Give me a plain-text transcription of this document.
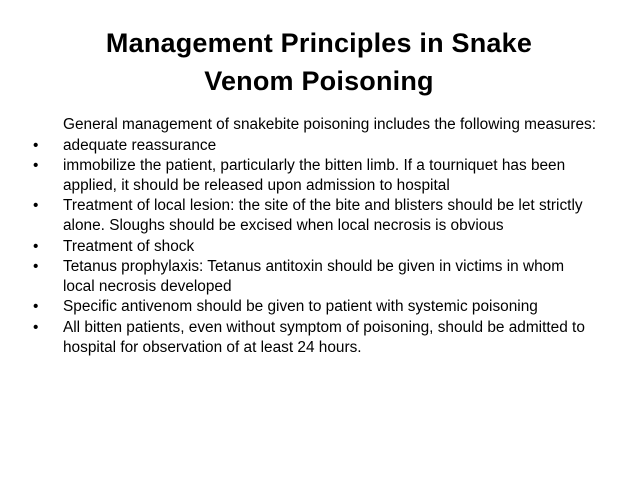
Management Principles in Snake
Venom Poisoning
General management of snakebite poisoning includes the following measures:
•	adequate reassurance
•	immobilize the patient, particularly the bitten limb. If a tourniquet has been applied, it should be released upon admission to hospital
•	Treatment of local lesion: the site of the bite and blisters should be let strictly alone. Sloughs should be excised when local necrosis is obvious
•	Treatment of shock
•	Tetanus prophylaxis: Tetanus antitoxin should be given in victims in whom local necrosis developed
•	Specific antivenom should be given to patient with systemic poisoning
•	All bitten patients, even without symptom of poisoning, should be admitted to hospital for observation of at least 24 hours.
